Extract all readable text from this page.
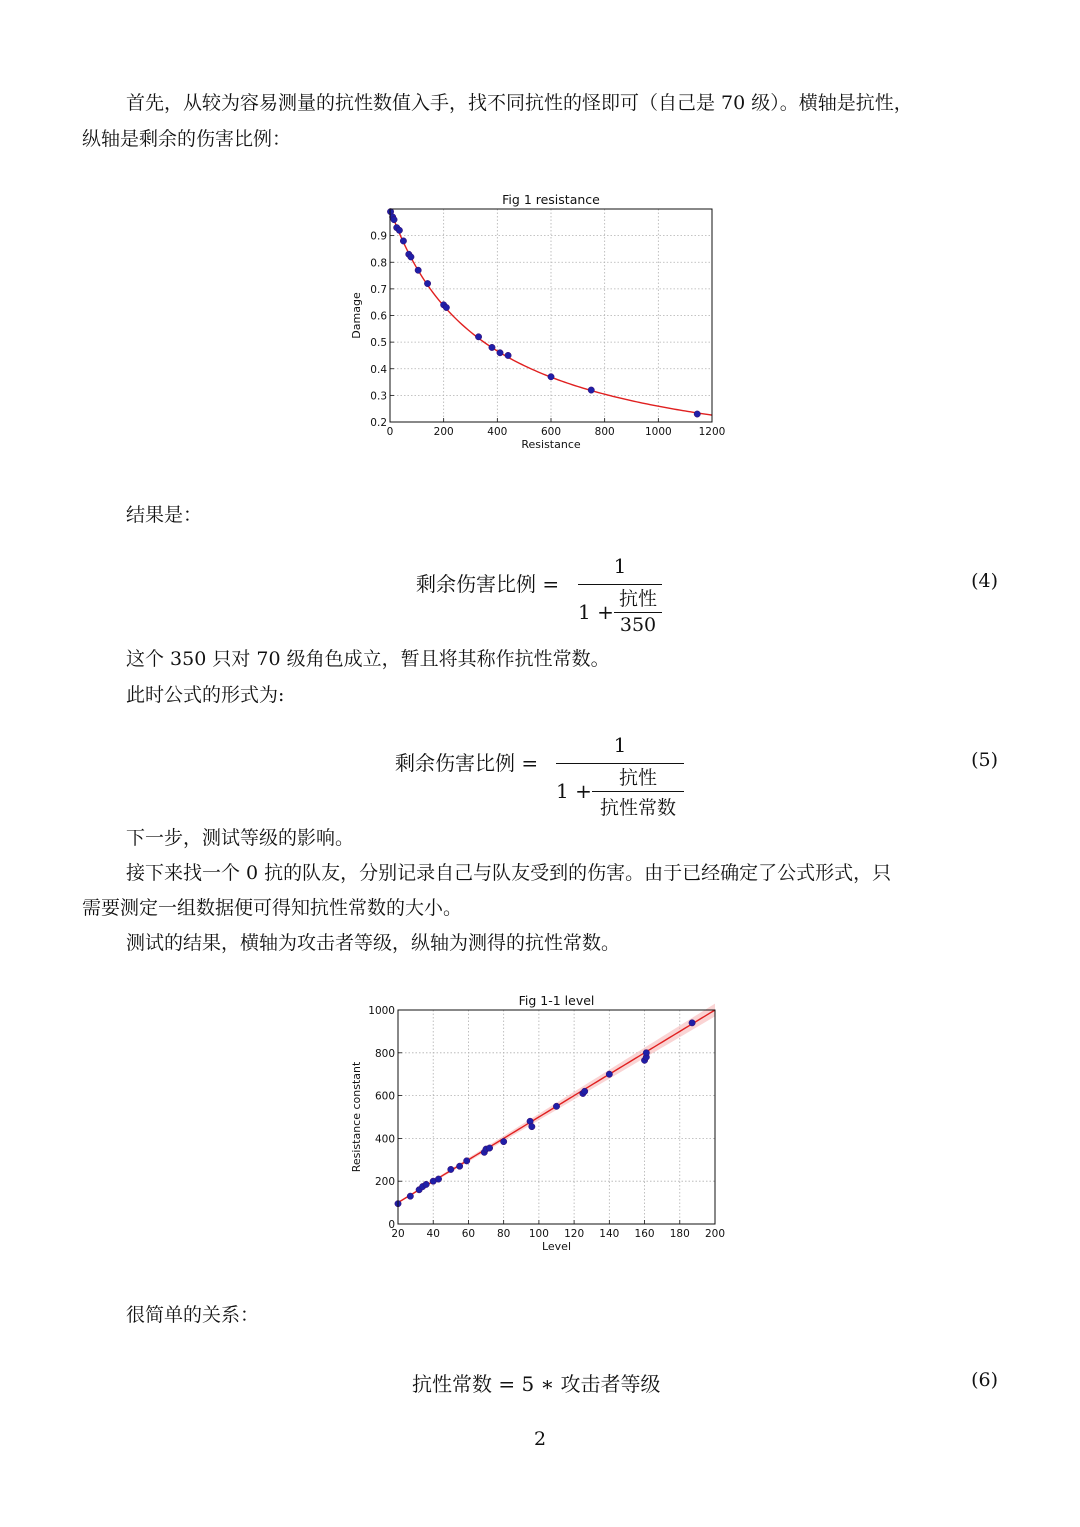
首先，从较为容易测量的抗性数值入手，找不同抗性的怪即可（自己是 70 级）。横轴是抗性，

纵轴是剩余的伤害比例：

0	200	400	600	800	1000	1200
0.2
0.3
0.4
0.5
0.6
0.7
0.8
0.9
Fig 1 resistance
Resistance
Damage

结果是：

剩余伤害比例 =
1
1 +
抗性
350
(4)

这个 350 只对 70 级角色成立，暂且将其称作抗性常数。

此时公式的形式为:

剩余伤害比例 =
1
1 +
抗性
抗性常数
(5)

下一步，测试等级的影响。

接下来找一个 0 抗的队友，分别记录自己与队友受到的伤害。由于已经确定了公式形式，只

需要测定一组数据便可得知抗性常数的大小。

测试的结果，横轴为攻击者等级，纵轴为测得的抗性常数。

20 40 60 80 100 120 140 160 180 200
0
200
400
600
800
1000
Fig 1-1 level
Level
Resistance constant

很简单的关系：

抗性常数 = 5 ∗ 攻击者等级	(6)
2
